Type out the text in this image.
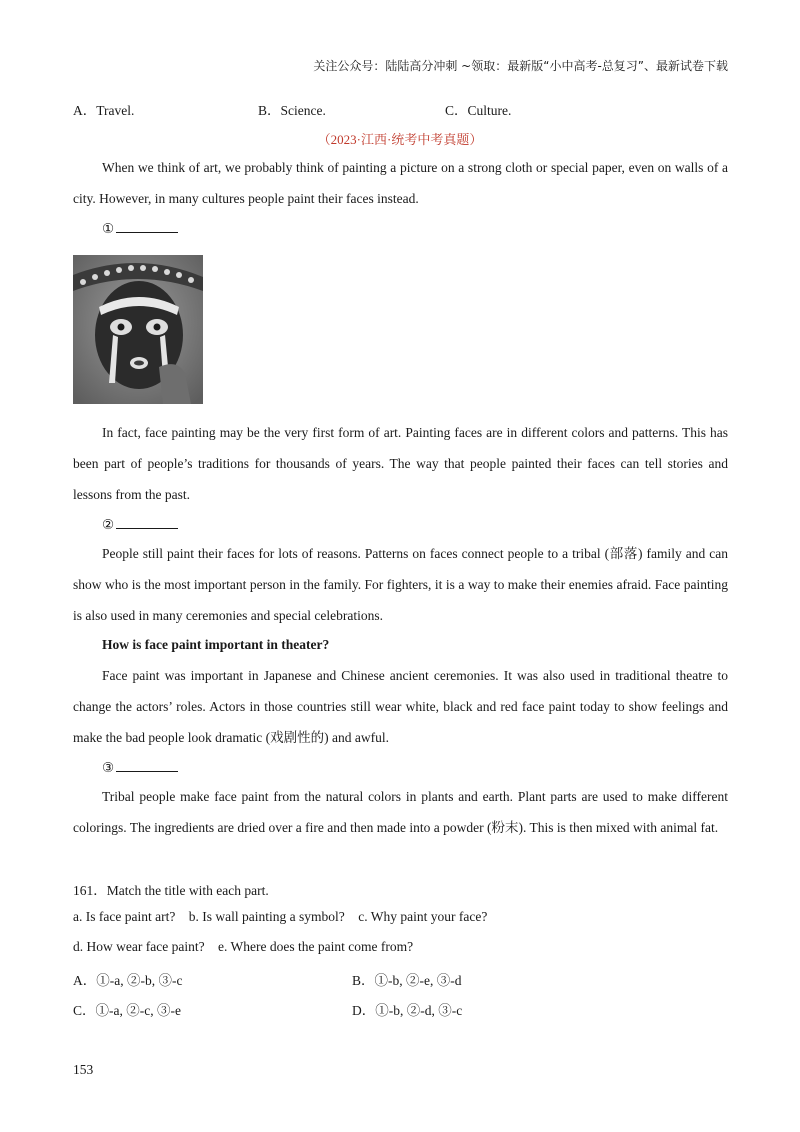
关注公众号：陆陆高分冲刺 ~领取：最新版“小中高考-总复习”、最新试卷下载
A．Travel.	B．Science.	C．Culture.
（2023·江西·统考中考真题）
When we think of art, we probably think of painting a picture on a strong cloth or special paper, even on walls of a city. However, in many cultures people paint their faces instead.
①
In fact, face painting may be the very first form of art. Painting faces are in different colors and patterns. This has been part of people’s traditions for thousands of years. The way that people painted their faces can tell stories and lessons from the past.
②
People still paint their faces for lots of reasons. Patterns on faces connect people to a tribal (部落) family and can show who is the most important person in the family. For fighters, it is a way to make their enemies afraid. Face painting is also used in many ceremonies and special celebrations.
How is face paint important in theater?
Face paint was important in Japanese and Chinese ancient ceremonies. It was also used in traditional theatre to change the actors’ roles. Actors in those countries still wear white, black and red face paint today to show feelings and make the bad people look dramatic (戏剧性的) and awful.
③
Tribal people make face paint from the natural colors in plants and earth. Plant parts are used to make different colorings. The ingredients are dried over a fire and then made into a powder (粉末). This is then mixed with animal fat.
161．Match the title with each part.
a. Is face paint art?    b. Is wall painting a symbol?    c. Why paint your face?
d. How wear face paint?    e. Where does the paint come from?
A．①-a, ②-b, ③-c	B．①-b, ②-e, ③-d
C．①-a, ②-c, ③-e	D．①-b, ②-d, ③-c
153
